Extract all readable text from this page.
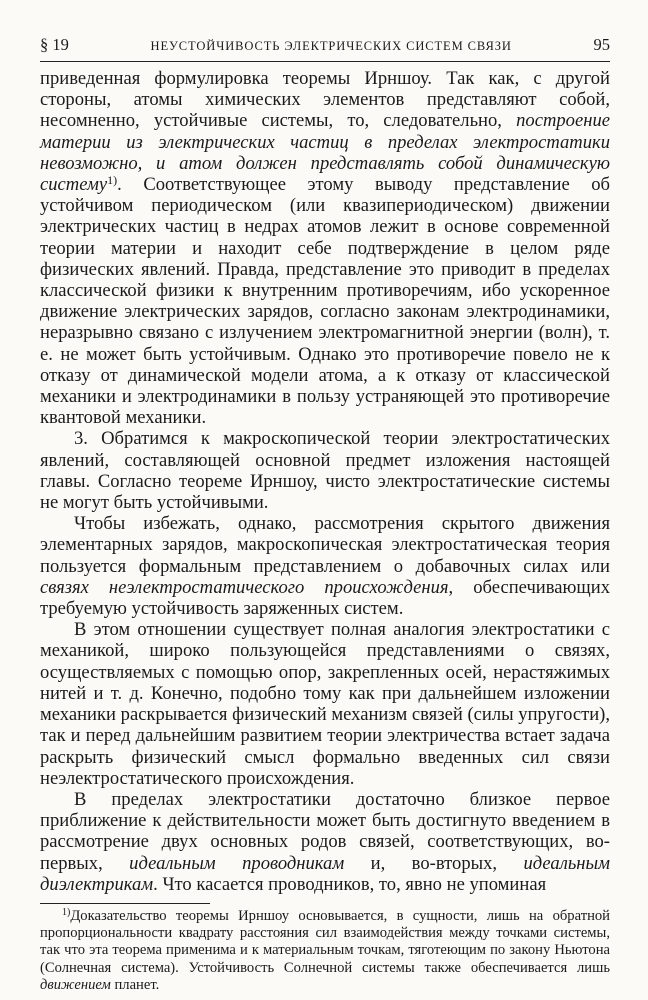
§ 19	НЕУСТОЙЧИВОСТЬ ЭЛЕКТРИЧЕСКИХ СИСТЕМ СВЯЗИ	95

приведенная формулировка теоремы Ирншоу. Так как, с другой стороны, атомы химических элементов представляют собой, несомненно, устойчивые системы, то, следовательно, построение материи из электрических частиц в пределах электростатики невозможно, и атом должен представлять собой динамическую систему$^{1)}$. Соответствующее этому выводу представление об устойчивом периодическом (или квазипериодическом) движении электрических частиц в недрах атомов лежит в основе современной теории материи и находит себе подтверждение в целом ряде физических явлений. Правда, представление это приводит в пределах классической физики к внутренним противоречиям, ибо ускоренное движение электрических зарядов, согласно законам электродинамики, неразрывно связано с излучением электромагнитной энергии (волн), т. е. не может быть устойчивым. Однако это противоречие повело не к отказу от динамической модели атома, а к отказу от классической механики и электродинамики в пользу устраняющей это противоречие квантовой механики.

3. Обратимся к макроскопической теории электростатических явлений, составляющей основной предмет изложения настоящей главы. Согласно теореме Ирншоу, чисто электростатические системы не могут быть устойчивыми.

Чтобы избежать, однако, рассмотрения скрытого движения элементарных зарядов, макроскопическая электростатическая теория пользуется формальным представлением о добавочных силах или связях неэлектростатического происхождения, обеспечивающих требуемую устойчивость заряженных систем.

В этом отношении существует полная аналогия электростатики с механикой, широко пользующейся представлениями о связях, осуществляемых с помощью опор, закрепленных осей, нерастяжимых нитей и т. д. Конечно, подобно тому как при дальнейшем изложении механики раскрывается физический механизм связей (силы упругости), так и перед дальнейшим развитием теории электричества встает задача раскрыть физический смысл формально введенных сил связи неэлектростатического происхождения.

В пределах электростатики достаточно близкое первое приближение к действительности может быть достигнуто введением в рассмотрение двух основных родов связей, соответствующих, во-первых, идеальным проводникам и, во-вторых, идеальным диэлектрикам. Что касается проводников, то, явно не упоминая

$^{1)}$Доказательство теоремы Ирншоу основывается, в сущности, лишь на обратной пропорциональности квадрату расстояния сил взаимодействия между точками системы, так что эта теорема применима и к материальным точкам, тяготеющим по закону Ньютона (Солнечная система). Устойчивость Солнечной системы также обеспечивается лишь движением планет.
